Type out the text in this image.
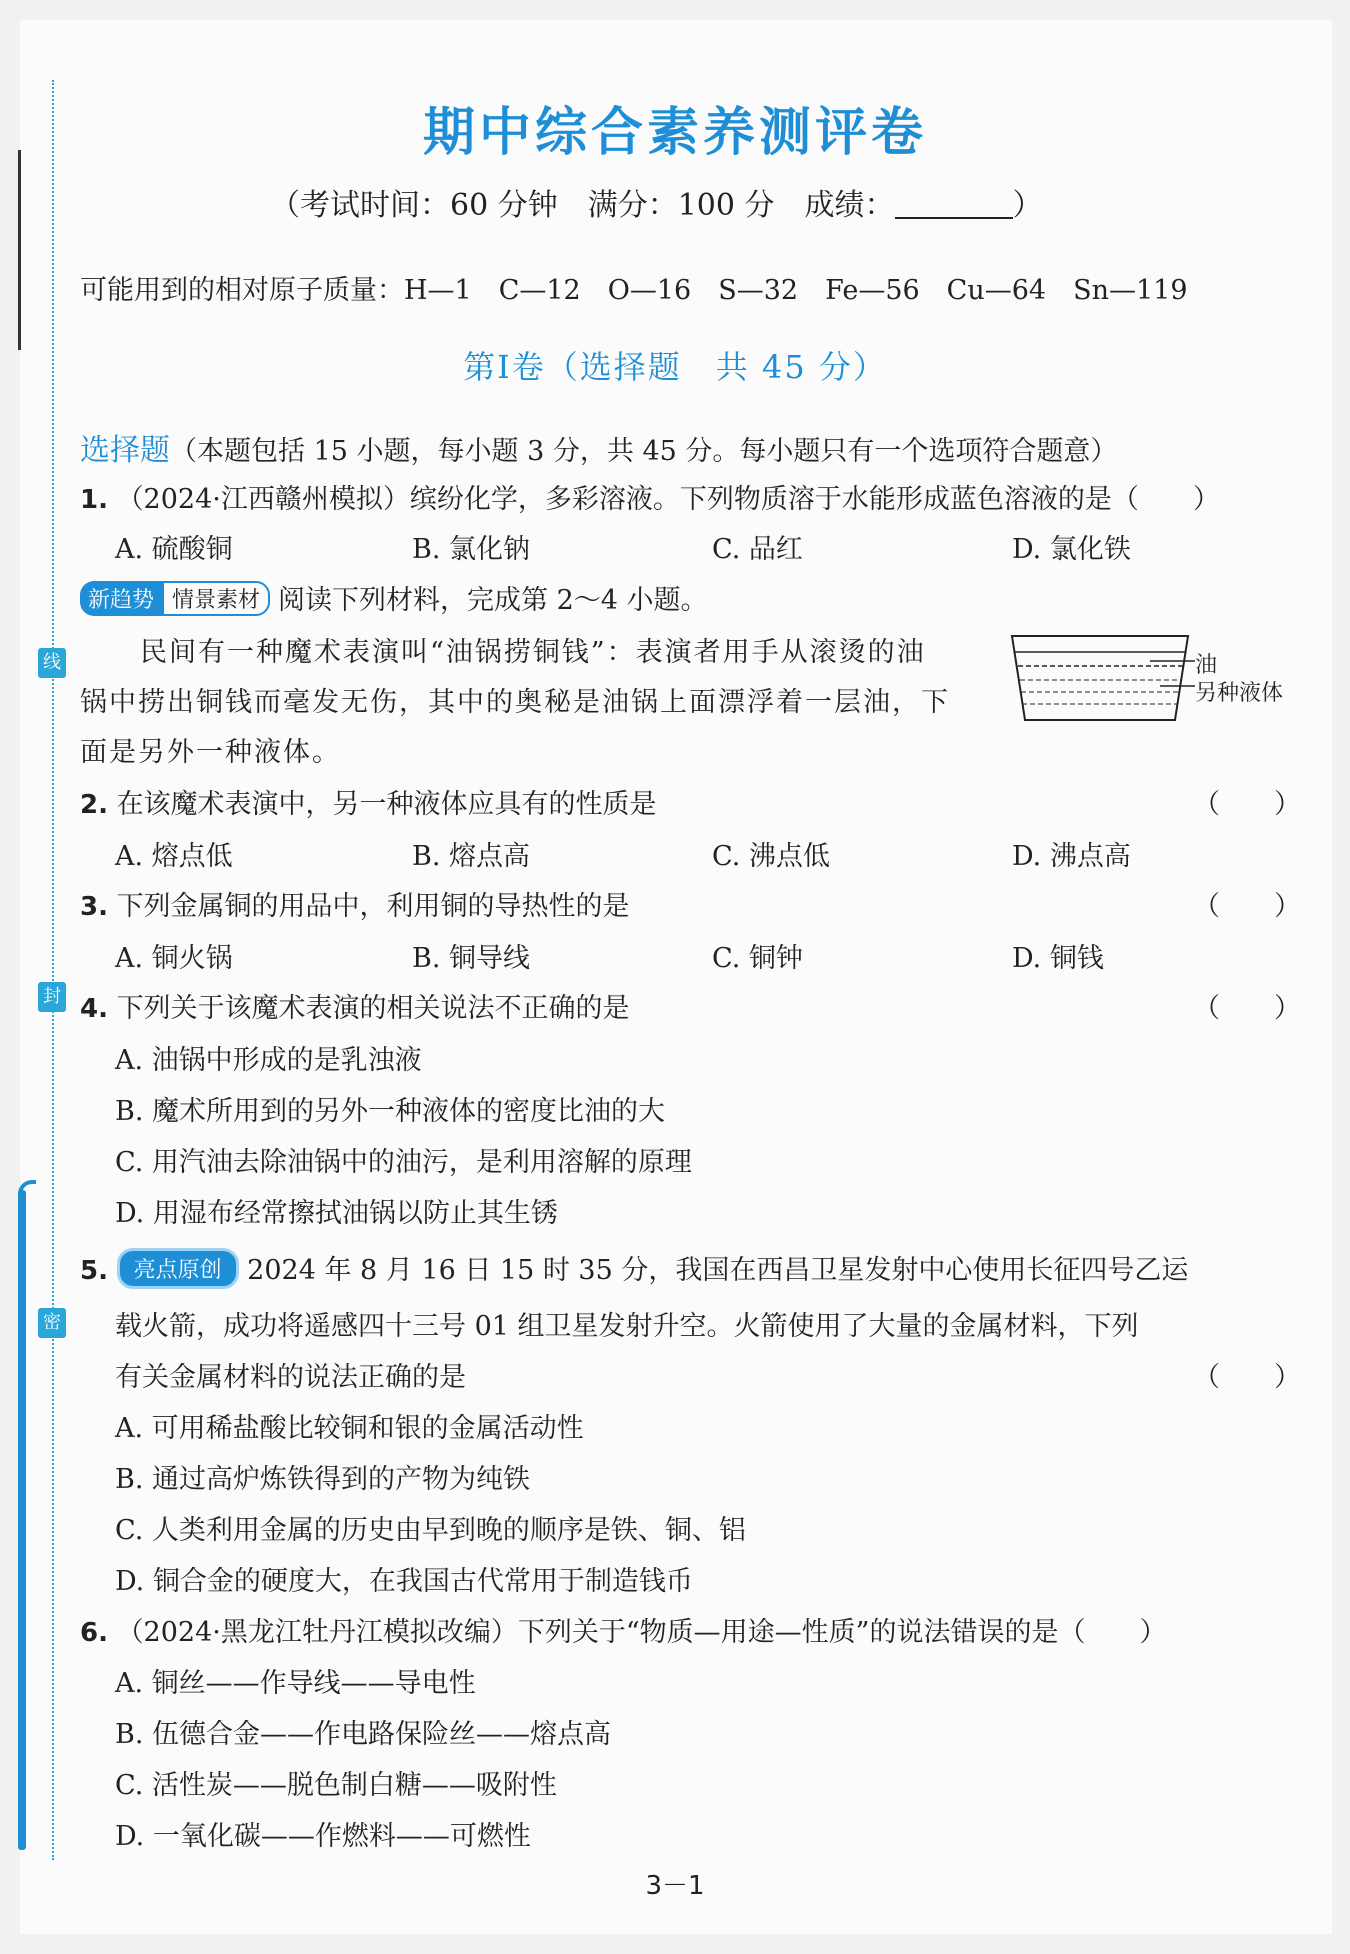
线
封
密
期中综合素养测评卷
（考试时间：60 分钟　满分：100 分　成绩：	）
可能用到的相对原子质量：H—1　C—12　O—16　S—32　Fe—56　Cu—64　Sn—119
第Ⅰ卷（选择题　共 45 分）
选择题（本题包括 15 小题，每小题 3 分，共 45 分。每小题只有一个选项符合题意）
1. （2024·江西赣州模拟）缤纷化学，多彩溶液。下列物质溶于水能形成蓝色溶液的是（　　）
A. 硫酸铜	B. 氯化钠	C. 品红	D. 氯化铁
新趋势 情景素材 阅读下列材料，完成第 2～4 小题。
民间有一种魔术表演叫“油锅捞铜钱”：表演者用手从滚烫的油
锅中捞出铜钱而毫发无伤，其中的奥秘是油锅上面漂浮着一层油，下
面是另外一种液体。
油
另种液体
2. 在该魔术表演中，另一种液体应具有的性质是	（　　）
A. 熔点低	B. 熔点高	C. 沸点低	D. 沸点高
3. 下列金属铜的用品中，利用铜的导热性的是	（　　）
A. 铜火锅	B. 铜导线	C. 铜钟	D. 铜钱
4. 下列关于该魔术表演的相关说法不正确的是	（　　）
A. 油锅中形成的是乳浊液
B. 魔术所用到的另外一种液体的密度比油的大
C. 用汽油去除油锅中的油污，是利用溶解的原理
D. 用湿布经常擦拭油锅以防止其生锈
5. 亮点原创 2024 年 8 月 16 日 15 时 35 分，我国在西昌卫星发射中心使用长征四号乙运
载火箭，成功将遥感四十三号 01 组卫星发射升空。火箭使用了大量的金属材料，下列
有关金属材料的说法正确的是	（　　）
A. 可用稀盐酸比较铜和银的金属活动性
B. 通过高炉炼铁得到的产物为纯铁
C. 人类利用金属的历史由早到晚的顺序是铁、铜、铝
D. 铜合金的硬度大，在我国古代常用于制造钱币
6. （2024·黑龙江牡丹江模拟改编）下列关于“物质—用途—性质”的说法错误的是（　　）
A. 铜丝——作导线——导电性
B. 伍德合金——作电路保险丝——熔点高
C. 活性炭——脱色制白糖——吸附性
D. 一氧化碳——作燃料——可燃性
3－1
